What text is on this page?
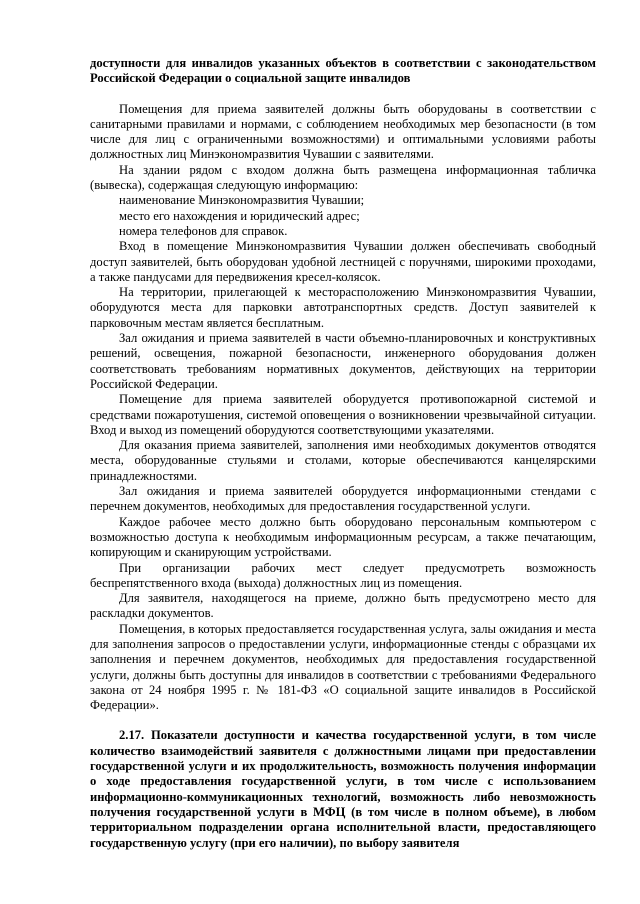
доступности для инвалидов указанных объектов в соответствии с законодательством Российской Федерации о социальной защите инвалидов

Помещения для приема заявителей должны быть оборудованы в соответствии с санитарными правилами и нормами, с соблюдением необходимых мер безопасности (в том числе для лиц с ограниченными возможностями) и оптимальными условиями работы должностных лиц Минэкономразвития Чувашии с заявителями.

На здании рядом с входом должна быть размещена информационная табличка (вывеска), содержащая следующую информацию:

наименование Минэкономразвития Чувашии;

место его нахождения и юридический адрес;

номера телефонов для справок.

Вход в помещение Минэкономразвития Чувашии должен обеспечивать свободный доступ заявителей, быть оборудован удобной лестницей с поручнями, широкими проходами, а также пандусами для передвижения кресел-колясок.

На территории, прилегающей к месторасположению Минэкономразвития Чувашии, оборудуются места для парковки автотранспортных средств. Доступ заявителей к парковочным местам является бесплатным.

Зал ожидания и приема заявителей в части объемно-планировочных и конструктивных решений, освещения, пожарной безопасности, инженерного оборудования должен соответствовать требованиям нормативных документов, действующих на территории Российской Федерации.

Помещение для приема заявителей оборудуется противопожарной системой и средствами пожаротушения, системой оповещения о возникновении чрезвычайной ситуации. Вход и выход из помещений оборудуются соответствующими указателями.

Для оказания приема заявителей, заполнения ими необходимых документов отводятся места, оборудованные стульями и столами, которые обеспечиваются канцелярскими принадлежностями.

Зал ожидания и приема заявителей оборудуется информационными стендами с перечнем документов, необходимых для предоставления государственной услуги.

Каждое рабочее место должно быть оборудовано персональным компьютером с возможностью доступа к необходимым информационным ресурсам, а также печатающим, копирующим и сканирующим устройствами.

При организации рабочих мест следует предусмотреть возможность беспрепятственного входа (выхода) должностных лиц из помещения.

Для заявителя, находящегося на приеме, должно быть предусмотрено место для раскладки документов.

Помещения, в которых предоставляется государственная услуга, залы ожидания и места для заполнения запросов о предоставлении услуги, информационные стенды с образцами их заполнения и перечнем документов, необходимых для предоставления государственной услуги, должны быть доступны для инвалидов в соответствии с требованиями Федерального закона от 24 ноября 1995 г. № 181-ФЗ «О социальной защите инвалидов в Российской Федерации».

2.17. Показатели доступности и качества государственной услуги, в том числе количество взаимодействий заявителя с должностными лицами при предоставлении государственной услуги и их продолжительность, возможность получения информации о ходе предоставления государственной услуги, в том числе с использованием информационно-коммуникационных технологий, возможность либо невозможность получения государственной услуги в МФЦ (в том числе в полном объеме), в любом территориальном подразделении органа исполнительной власти, предоставляющего государственную услугу (при его наличии), по выбору заявителя
